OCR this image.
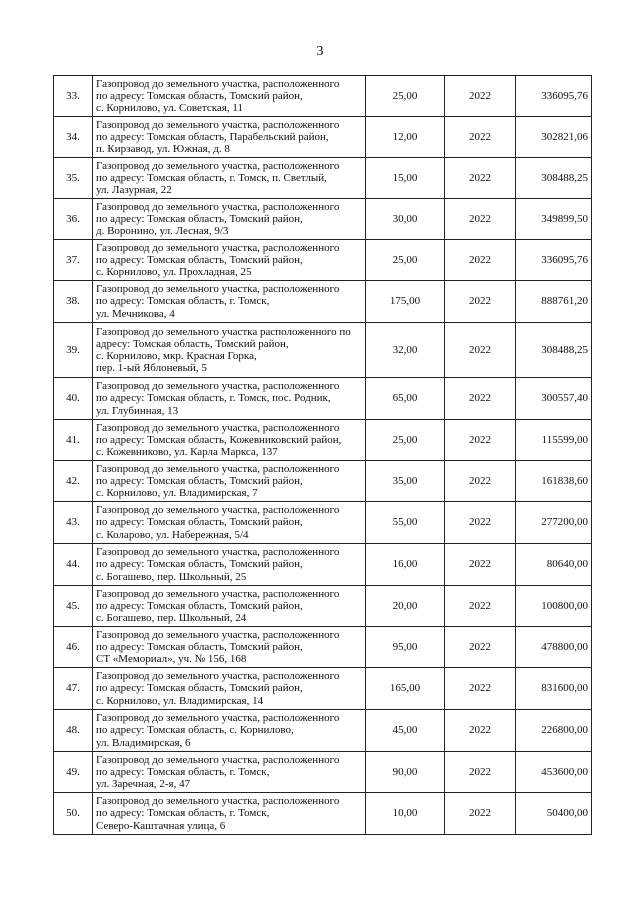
3
33.	Газопровод до земельного участка, расположенного
по адресу: Томская область, Томский район,
с. Корнилово, ул. Советская, 11	25,00	2022	336095,76
34.	Газопровод до земельного участка, расположенного
по адресу: Томская область, Парабельский район,
п. Кирзавод, ул. Южная, д. 8	12,00	2022	302821,06
35.	Газопровод до земельного участка, расположенного
по адресу: Томская область, г. Томск, п. Светлый,
ул. Лазурная, 22	15,00	2022	308488,25
36.	Газопровод до земельного участка, расположенного
по адресу: Томская область, Томский район,
д. Воронино, ул. Лесная, 9/3	30,00	2022	349899,50
37.	Газопровод до земельного участка, расположенного
по адресу: Томская область, Томский район,
с. Корнилово, ул. Прохладная, 25	25,00	2022	336095,76
38.	Газопровод до земельного участка, расположенного
по адресу: Томская область, г. Томск,
ул. Мечникова, 4	175,00	2022	888761,20
39.	Газопровод до земельного участка расположенного по
адресу: Томская область, Томский район,
с. Корнилово, мкр. Красная Горка,
пер. 1-ый Яблоневый, 5	32,00	2022	308488,25
40.	Газопровод до земельного участка, расположенного
по адресу: Томская область, г. Томск, пос. Родник,
ул. Глубинная, 13	65,00	2022	300557,40
41.	Газопровод до земельного участка, расположенного
по адресу: Томская область, Кожевниковский район,
с. Кожевниково, ул. Карла Маркса, 137	25,00	2022	115599,00
42.	Газопровод до земельного участка, расположенного
по адресу: Томская область, Томский район,
с. Корнилово, ул. Владимирская, 7	35,00	2022	161838,60
43.	Газопровод до земельного участка, расположенного
по адресу: Томская область, Томский район,
с. Коларово, ул. Набережная, 5/4	55,00	2022	277200,00
44.	Газопровод до земельного участка, расположенного
по адресу: Томская область, Томский район,
с. Богашево, пер. Школьный, 25	16,00	2022	80640,00
45.	Газопровод до земельного участка, расположенного
по адресу: Томская область, Томский район,
с. Богашево, пер. Школьный, 24	20,00	2022	100800,00
46.	Газопровод до земельного участка, расположенного
по адресу: Томская область, Томский район,
СТ «Мемориал», уч. № 156, 168	95,00	2022	478800,00
47.	Газопровод до земельного участка, расположенного
по адресу: Томская область, Томский район,
с. Корнилово, ул. Владимирская, 14	165,00	2022	831600,00
48.	Газопровод до земельного участка, расположенного
по адресу: Томская область, с. Корнилово,
ул. Владимирская, 6	45,00	2022	226800,00
49.	Газопровод до земельного участка, расположенного
по адресу: Томская область, г. Томск,
ул. Заречная, 2-я, 47	90,00	2022	453600,00
50.	Газопровод до земельного участка, расположенного
по адресу: Томская область, г. Томск,
Северо-Каштачная улица, 6	10,00	2022	50400,00
